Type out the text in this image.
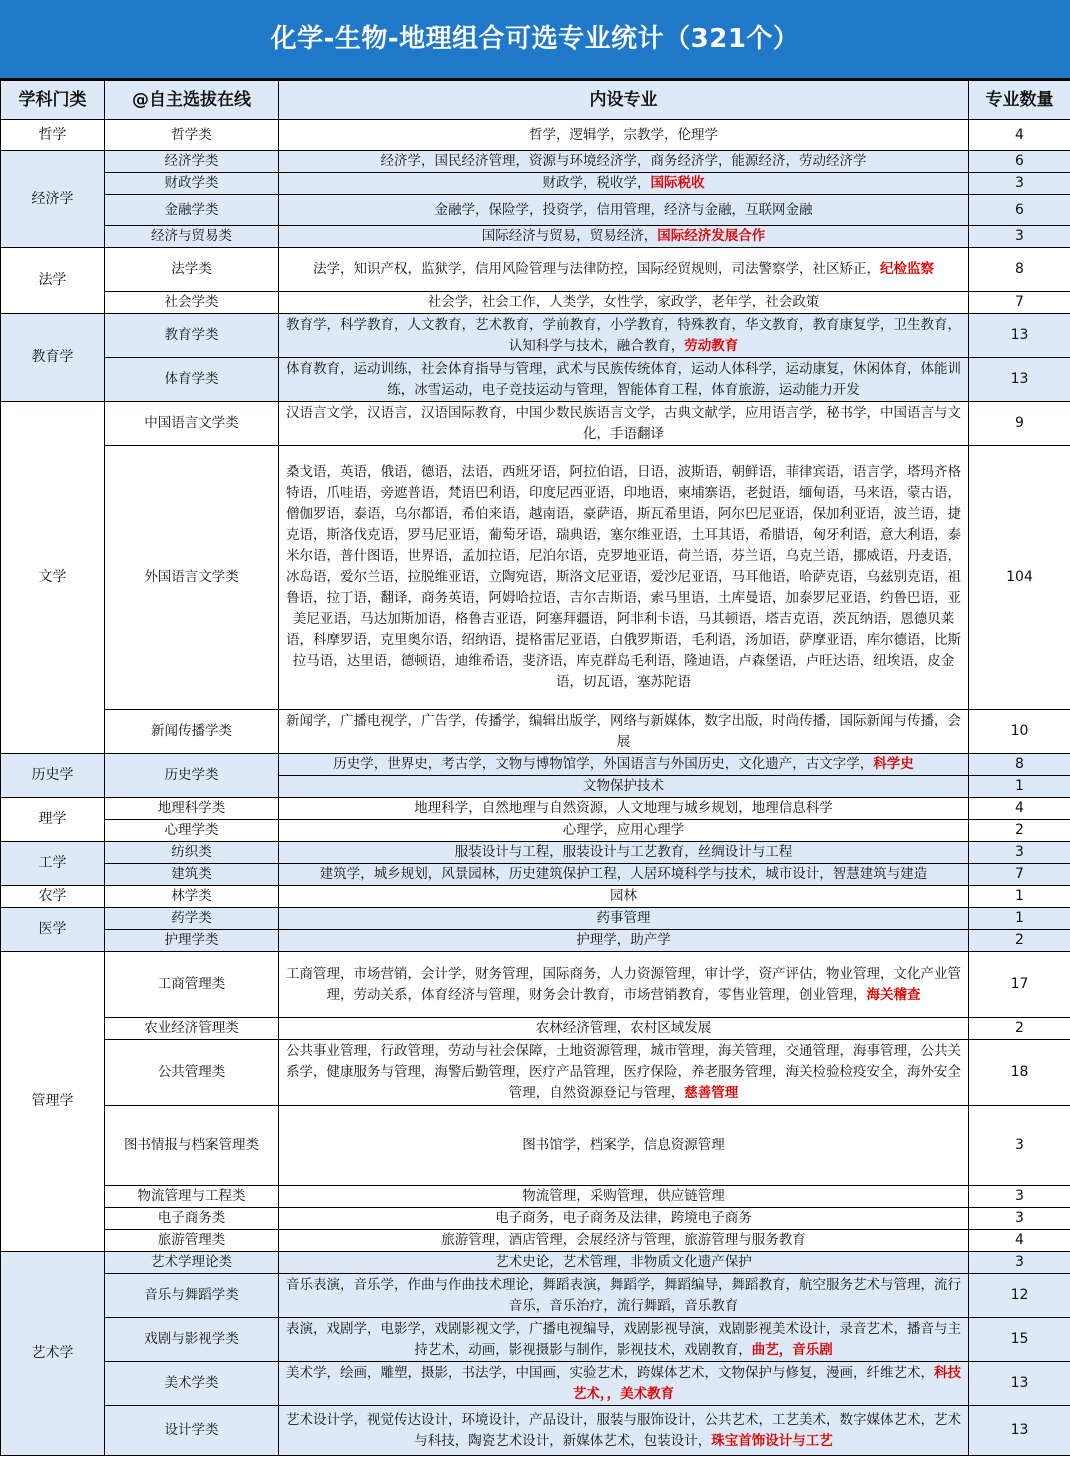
化学-生物-地理组合可选专业统计（321个）
学科门类	@自主选拔在线	内设专业	专业数量
哲学	哲学类	哲学，逻辑学，宗教学，伦理学	4
经济学	经济学类	经济学，国民经济管理，资源与环境经济学，商务经济学，能源经济，劳动经济学	6
	财政学类	财政学，税收学，国际税收	3
	金融学类	金融学，保险学，投资学，信用管理，经济与金融，互联网金融	6
	经济与贸易类	国际经济与贸易，贸易经济，国际经济发展合作	3
法学	法学类	法学，知识产权，监狱学，信用风险管理与法律防控，国际经贸规则，司法警察学，社区矫正，纪检监察	8
	社会学类	社会学，社会工作，人类学，女性学，家政学，老年学，社会政策	7
教育学	教育学类	教育学，科学教育，人文教育，艺术教育，学前教育，小学教育，特殊教育，华文教育，教育康复学，卫生教育，认知科学与技术，融合教育，劳动教育	13
	体育学类	体育教育，运动训练，社会体育指导与管理，武术与民族传统体育，运动人体科学，运动康复，休闲体育，体能训练，冰雪运动，电子竞技运动与管理，智能体育工程，体育旅游，运动能力开发	13
文学	中国语言文学类	汉语言文学，汉语言，汉语国际教育，中国少数民族语言文学，古典文献学，应用语言学，秘书学，中国语言与文化，手语翻译	9
	外国语言文学类	桑戈语，英语，俄语，德语，法语，西班牙语，阿拉伯语，日语，波斯语，朝鲜语，菲律宾语，语言学，塔玛齐格特语，爪哇语，旁遮普语，梵语巴利语，印度尼西亚语，印地语，柬埔寨语，老挝语，缅甸语，马来语，蒙古语，僧伽罗语，泰语，乌尔都语，希伯来语，越南语，豪萨语，斯瓦希里语，阿尔巴尼亚语，保加利亚语，波兰语，捷克语，斯洛伐克语，罗马尼亚语，葡萄牙语，瑞典语，塞尔维亚语，土耳其语，希腊语，匈牙利语，意大利语，泰米尔语，普什图语，世界语，孟加拉语，尼泊尔语，克罗地亚语，荷兰语，芬兰语，乌克兰语，挪威语，丹麦语，冰岛语，爱尔兰语，拉脱维亚语，立陶宛语，斯洛文尼亚语，爱沙尼亚语，马耳他语，哈萨克语，乌兹别克语，祖鲁语，拉丁语，翻译，商务英语，阿姆哈拉语，吉尔吉斯语，索马里语，土库曼语，加泰罗尼亚语，约鲁巴语，亚美尼亚语，马达加斯加语，格鲁吉亚语，阿塞拜疆语，阿非利卡语，马其顿语，塔吉克语，茨瓦纳语，恩德贝莱语，科摩罗语，克里奥尔语，绍纳语，提格雷尼亚语，白俄罗斯语，毛利语，汤加语，萨摩亚语，库尔德语，比斯拉马语，达里语，德顿语，迪维希语，斐济语，库克群岛毛利语，隆迪语，卢森堡语，卢旺达语，纽埃语，皮金语，切瓦语，塞苏陀语	104
	新闻传播学类	新闻学，广播电视学，广告学，传播学，编辑出版学，网络与新媒体，数字出版，时尚传播，国际新闻与传播，会展	10
历史学	历史学类	历史学，世界史，考古学，文物与博物馆学，外国语言与外国历史，文化遗产，古文字学，科学史	8
		文物保护技术	1
理学	地理科学类	地理科学，自然地理与自然资源，人文地理与城乡规划，地理信息科学	4
	心理学类	心理学，应用心理学	2
工学	纺织类	服装设计与工程，服装设计与工艺教育，丝绸设计与工程	3
	建筑类	建筑学，城乡规划，风景园林，历史建筑保护工程，人居环境科学与技术，城市设计，智慧建筑与建造	7
农学	林学类	园林	1
医学	药学类	药事管理	1
	护理学类	护理学，助产学	2
管理学	工商管理类	工商管理，市场营销，会计学，财务管理，国际商务，人力资源管理，审计学，资产评估，物业管理，文化产业管理，劳动关系，体育经济与管理，财务会计教育，市场营销教育，零售业管理，创业管理，海关稽查	17
	农业经济管理类	农林经济管理，农村区域发展	2
	公共管理类	公共事业管理，行政管理，劳动与社会保障，土地资源管理，城市管理，海关管理，交通管理，海事管理，公共关系学，健康服务与管理，海警后勤管理，医疗产品管理，医疗保险，养老服务管理，海关检验检疫安全，海外安全管理，自然资源登记与管理，慈善管理	18
	图书情报与档案管理类	图书馆学，档案学，信息资源管理	3
	物流管理与工程类	物流管理，采购管理，供应链管理	3
	电子商务类	电子商务，电子商务及法律，跨境电子商务	3
	旅游管理类	旅游管理，酒店管理，会展经济与管理，旅游管理与服务教育	4
艺术学	艺术学理论类	艺术史论，艺术管理，非物质文化遗产保护	3
	音乐与舞蹈学类	音乐表演，音乐学，作曲与作曲技术理论，舞蹈表演，舞蹈学，舞蹈编导，舞蹈教育，航空服务艺术与管理，流行音乐，音乐治疗，流行舞蹈，音乐教育	12
	戏剧与影视学类	表演，戏剧学，电影学，戏剧影视文学，广播电视编导，戏剧影视导演，戏剧影视美术设计，录音艺术，播音与主持艺术，动画，影视摄影与制作，影视技术，戏剧教育，曲艺，音乐剧	15
	美术学类	美术学，绘画，雕塑，摄影，书法学，中国画，实验艺术，跨媒体艺术，文物保护与修复，漫画，纤维艺术，科技艺术，，美术教育	13
	设计学类	艺术设计学，视觉传达设计，环境设计，产品设计，服装与服饰设计，公共艺术，工艺美术，数字媒体艺术，艺术与科技，陶瓷艺术设计，新媒体艺术，包装设计，珠宝首饰设计与工艺	13
